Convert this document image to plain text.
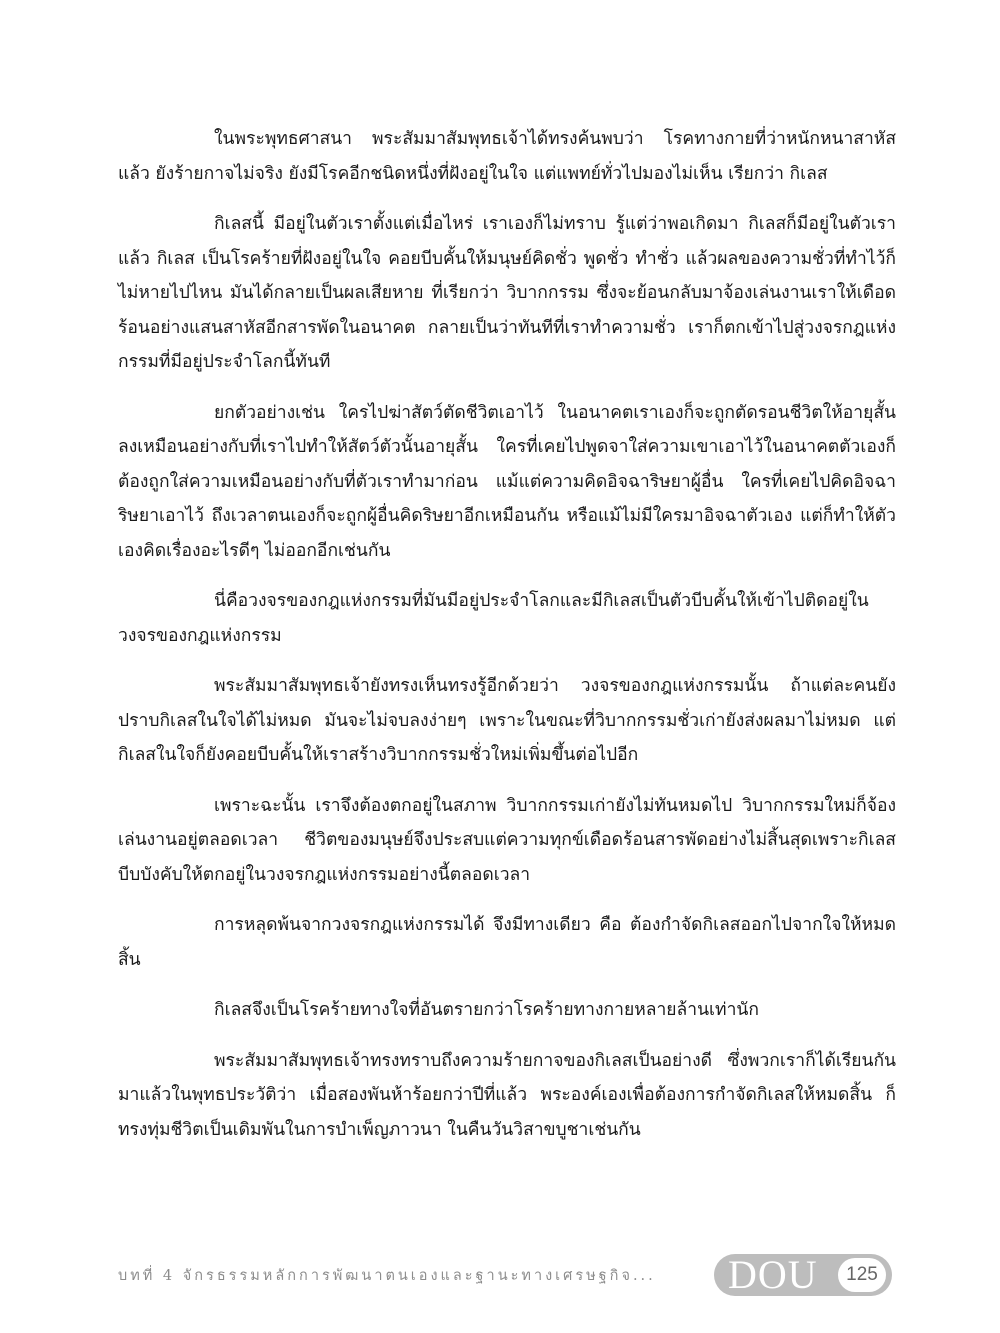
ในพระพุทธศาสนา พระสัมมาสัมพุทธเจ้าได้ทรงค้นพบว่า โรคทางกายที่ว่าหนักหนาสาหัสแล้ว ยังร้ายกาจไม่จริง ยังมีโรคอีกชนิดหนึ่งที่ฝังอยู่ในใจ แต่แพทย์ทั่วไปมองไม่เห็น เรียกว่า กิเลส

กิเลสนี้ มีอยู่ในตัวเราตั้งแต่เมื่อไหร่ เราเองก็ไม่ทราบ รู้แต่ว่าพอเกิดมา กิเลสก็มีอยู่ในตัวเราแล้ว กิเลส เป็นโรคร้ายที่ฝังอยู่ในใจ คอยบีบคั้นให้มนุษย์คิดชั่ว พูดชั่ว ทำชั่ว แล้วผลของความชั่วที่ทำไว้ก็ไม่หายไปไหน มันได้กลายเป็นผลเสียหาย ที่เรียกว่า วิบากกรรม ซึ่งจะย้อนกลับมาจ้องเล่นงานเราให้เดือดร้อนอย่างแสนสาหัสอีกสารพัดในอนาคต กลายเป็นว่าทันทีที่เราทำความชั่ว เราก็ตกเข้าไปสู่วงจรกฎแห่งกรรมที่มีอยู่ประจำโลกนี้ทันที

ยกตัวอย่างเช่น ใครไปฆ่าสัตว์ตัดชีวิตเอาไว้ ในอนาคตเราเองก็จะถูกตัดรอนชีวิตให้อายุสั้นลงเหมือนอย่างกับที่เราไปทำให้สัตว์ตัวนั้นอายุสั้น ใครที่เคยไปพูดจาใส่ความเขาเอาไว้ในอนาคตตัวเองก็ต้องถูกใส่ความเหมือนอย่างกับที่ตัวเราทำมาก่อน แม้แต่ความคิดอิจฉาริษยาผู้อื่น ใครที่เคยไปคิดอิจฉาริษยาเอาไว้ ถึงเวลาตนเองก็จะถูกผู้อื่นคิดริษยาอีกเหมือนกัน หรือแม้ไม่มีใครมาอิจฉาตัวเอง แต่ก็ทำให้ตัวเองคิดเรื่องอะไรดีๆ ไม่ออกอีกเช่นกัน

นี่คือวงจรของกฎแห่งกรรมที่มันมีอยู่ประจำโลกและมีกิเลสเป็นตัวบีบคั้นให้เข้าไปติดอยู่ในวงจรของกฎแห่งกรรม

พระสัมมาสัมพุทธเจ้ายังทรงเห็นทรงรู้อีกด้วยว่า วงจรของกฎแห่งกรรมนั้น ถ้าแต่ละคนยังปราบกิเลสในใจได้ไม่หมด มันจะไม่จบลงง่ายๆ เพราะในขณะที่วิบากกรรมชั่วเก่ายังส่งผลมาไม่หมด แต่กิเลสในใจก็ยังคอยบีบคั้นให้เราสร้างวิบากกรรมชั่วใหม่เพิ่มขึ้นต่อไปอีก

เพราะฉะนั้น เราจึงต้องตกอยู่ในสภาพ วิบากกรรมเก่ายังไม่ทันหมดไป วิบากกรรมใหม่ก็จ้องเล่นงานอยู่ตลอดเวลา ชีวิตของมนุษย์จึงประสบแต่ความทุกข์เดือดร้อนสารพัดอย่างไม่สิ้นสุดเพราะกิเลสบีบบังคับให้ตกอยู่ในวงจรกฎแห่งกรรมอย่างนี้ตลอดเวลา

การหลุดพ้นจากวงจรกฎแห่งกรรมได้ จึงมีทางเดียว คือ ต้องกำจัดกิเลสออกไปจากใจให้หมดสิ้น

กิเลสจึงเป็นโรคร้ายทางใจที่อันตรายกว่าโรคร้ายทางกายหลายล้านเท่านัก

พระสัมมาสัมพุทธเจ้าทรงทราบถึงความร้ายกาจของกิเลสเป็นอย่างดี ซึ่งพวกเราก็ได้เรียนกันมาแล้วในพุทธประวัติว่า เมื่อสองพันห้าร้อยกว่าปีที่แล้ว พระองค์เองเพื่อต้องการกำจัดกิเลสให้หมดสิ้น ก็ทรงทุ่มชีวิตเป็นเดิมพันในการบำเพ็ญภาวนา ในคืนวันวิสาขบูชาเช่นกัน

บทที่ 4 จักรธรรมหลักการพัฒนาตนเองและฐานะทางเศรษฐกิจ... DOU	125
